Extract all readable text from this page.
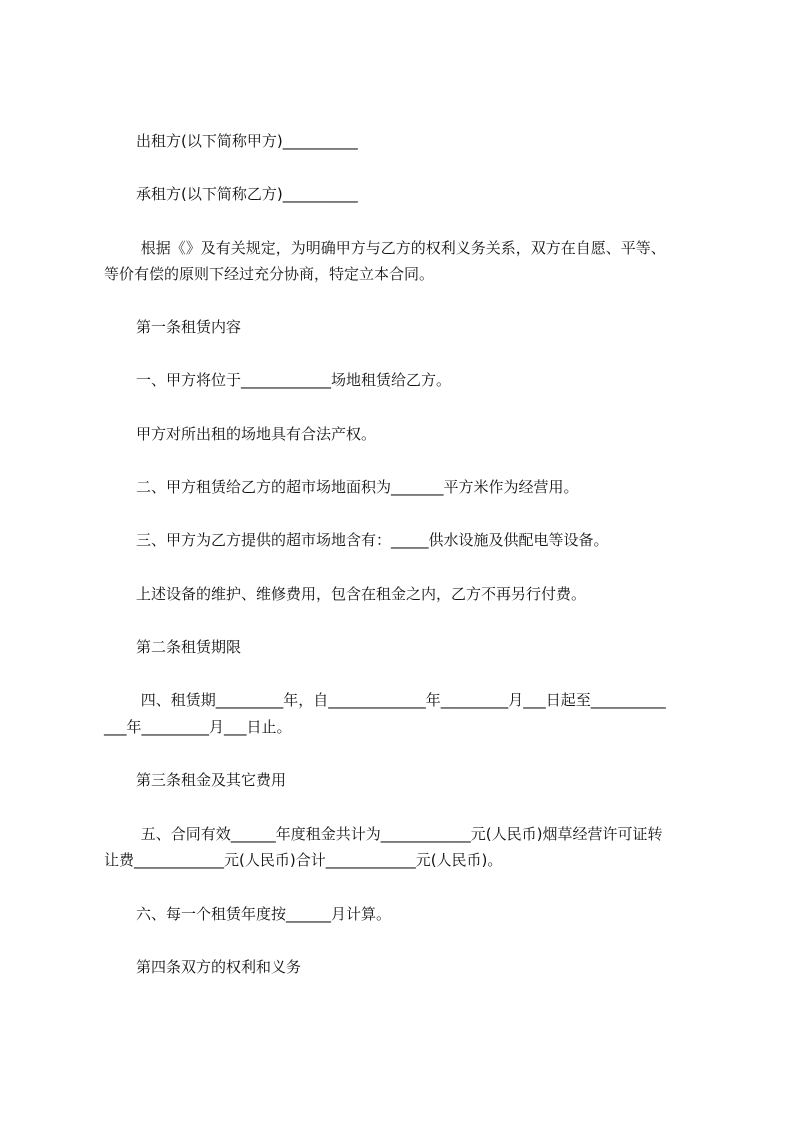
出租方(以下简称甲方)__________
承租方(以下简称乙方)__________
根据《》及有关规定，为明确甲方与乙方的权利义务关系，双方在自愿、平等、
等价有偿的原则下经过充分协商，特定立本合同。
第一条租赁内容
一、甲方将位于____________场地租赁给乙方。
甲方对所出租的场地具有合法产权。
二、甲方租赁给乙方的超市场地面积为_______平方米作为经营用。
三、甲方为乙方提供的超市场地含有：_____供水设施及供配电等设备。
上述设备的维护、维修费用，包含在租金之内，乙方不再另行付费。
第二条租赁期限
四、租赁期_________年，自_____________年_________月___日起至__________
___年_________月___日止。
第三条租金及其它费用
五、合同有效______年度租金共计为____________元(人民币)烟草经营许可证转
让费____________元(人民币)合计____________元(人民币)。
六、每一个租赁年度按______月计算。
第四条双方的权利和义务
